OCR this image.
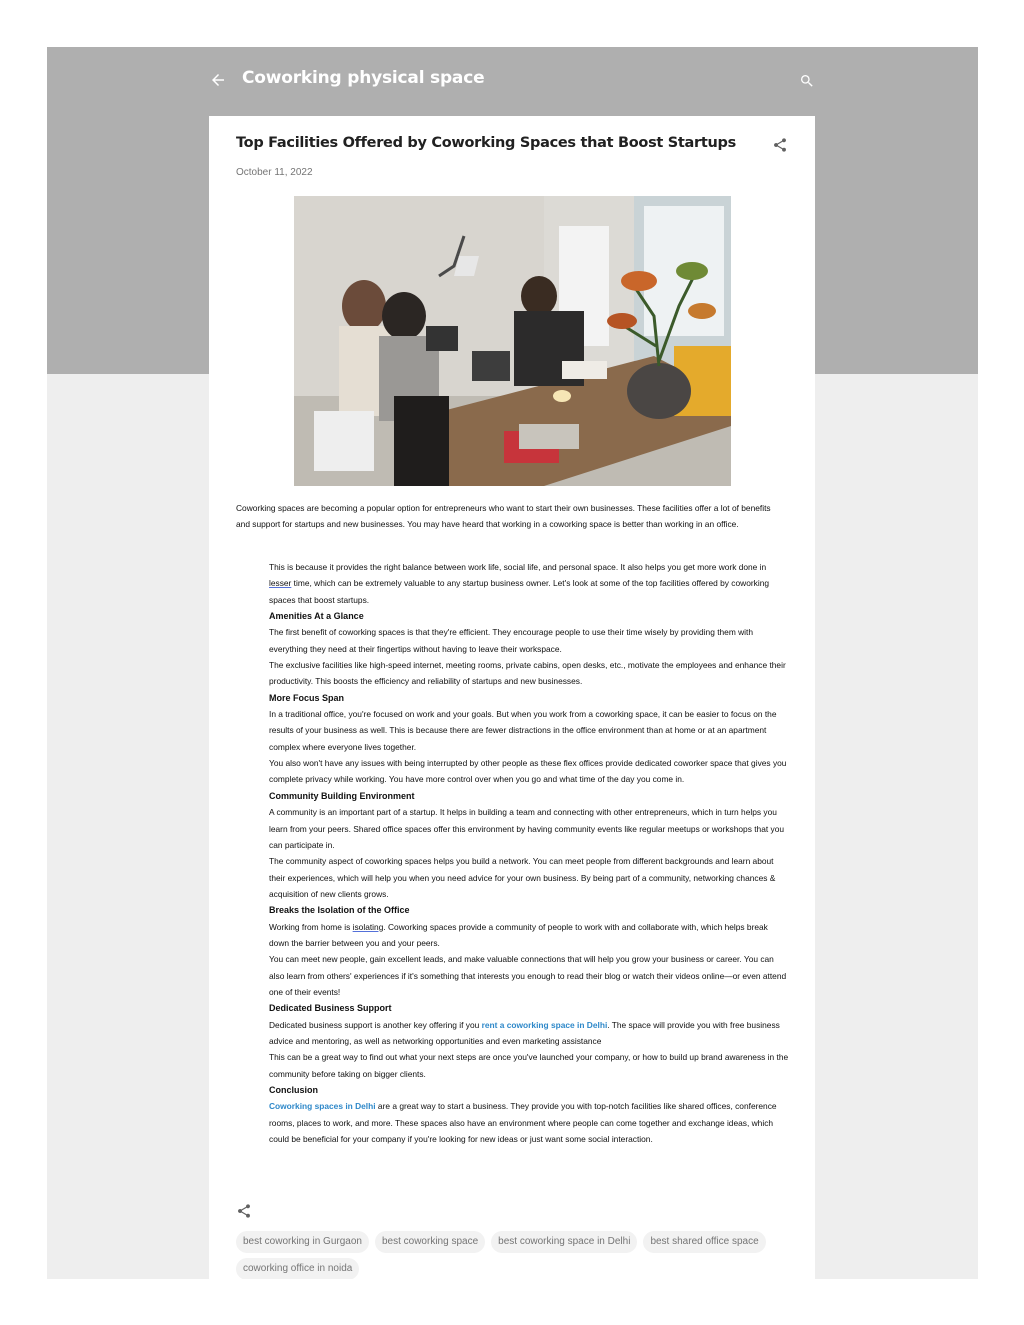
Coworking physical space
Top Facilities Offered by Coworking Spaces that Boost Startups
October 11, 2022

Coworking spaces are becoming a popular option for entrepreneurs who want to start their own businesses. These facilities offer a lot of benefits and support for startups and new businesses. You may have heard that working in a coworking space is better than working in an office.

This is because it provides the right balance between work life, social life, and personal space. It also helps you get more work done in lesser time, which can be extremely valuable to any startup business owner. Let's look at some of the top facilities offered by coworking spaces that boost startups.

Amenities At a Glance

The first benefit of coworking spaces is that they're efficient. They encourage people to use their time wisely by providing them with everything they need at their fingertips without having to leave their workspace.

The exclusive facilities like high-speed internet, meeting rooms, private cabins, open desks, etc., motivate the employees and enhance their productivity. This boosts the efficiency and reliability of startups and new businesses.

More Focus Span

In a traditional office, you're focused on work and your goals. But when you work from a coworking space, it can be easier to focus on the results of your business as well. This is because there are fewer distractions in the office environment than at home or at an apartment complex where everyone lives together.

You also won't have any issues with being interrupted by other people as these flex offices provide dedicated coworker space that gives you complete privacy while working. You have more control over when you go and what time of the day you come in.

Community Building Environment

A community is an important part of a startup. It helps in building a team and connecting with other entrepreneurs, which in turn helps you learn from your peers. Shared office spaces offer this environment by having community events like regular meetups or workshops that you can participate in.

The community aspect of coworking spaces helps you build a network. You can meet people from different backgrounds and learn about their experiences, which will help you when you need advice for your own business. By being part of a community, networking chances & acquisition of new clients grows.

Breaks the Isolation of the Office

Working from home is isolating. Coworking spaces provide a community of people to work with and collaborate with, which helps break down the barrier between you and your peers.

You can meet new people, gain excellent leads, and make valuable connections that will help you grow your business or career. You can also learn from others' experiences if it's something that interests you enough to read their blog or watch their videos online—or even attend one of their events!

Dedicated Business Support

Dedicated business support is another key offering if you rent a coworking space in Delhi. The space will provide you with free business advice and mentoring, as well as networking opportunities and even marketing assistance

This can be a great way to find out what your next steps are once you've launched your company, or how to build up brand awareness in the community before taking on bigger clients.

Conclusion

Coworking spaces in Delhi are a great way to start a business. They provide you with top-notch facilities like shared offices, conference rooms, places to work, and more. These spaces also have an environment where people can come together and exchange ideas, which could be beneficial for your company if you're looking for new ideas or just want some social interaction.

best coworking in Gurgaon best coworking space best coworking space in Delhi best shared office spacecoworking office in noida
